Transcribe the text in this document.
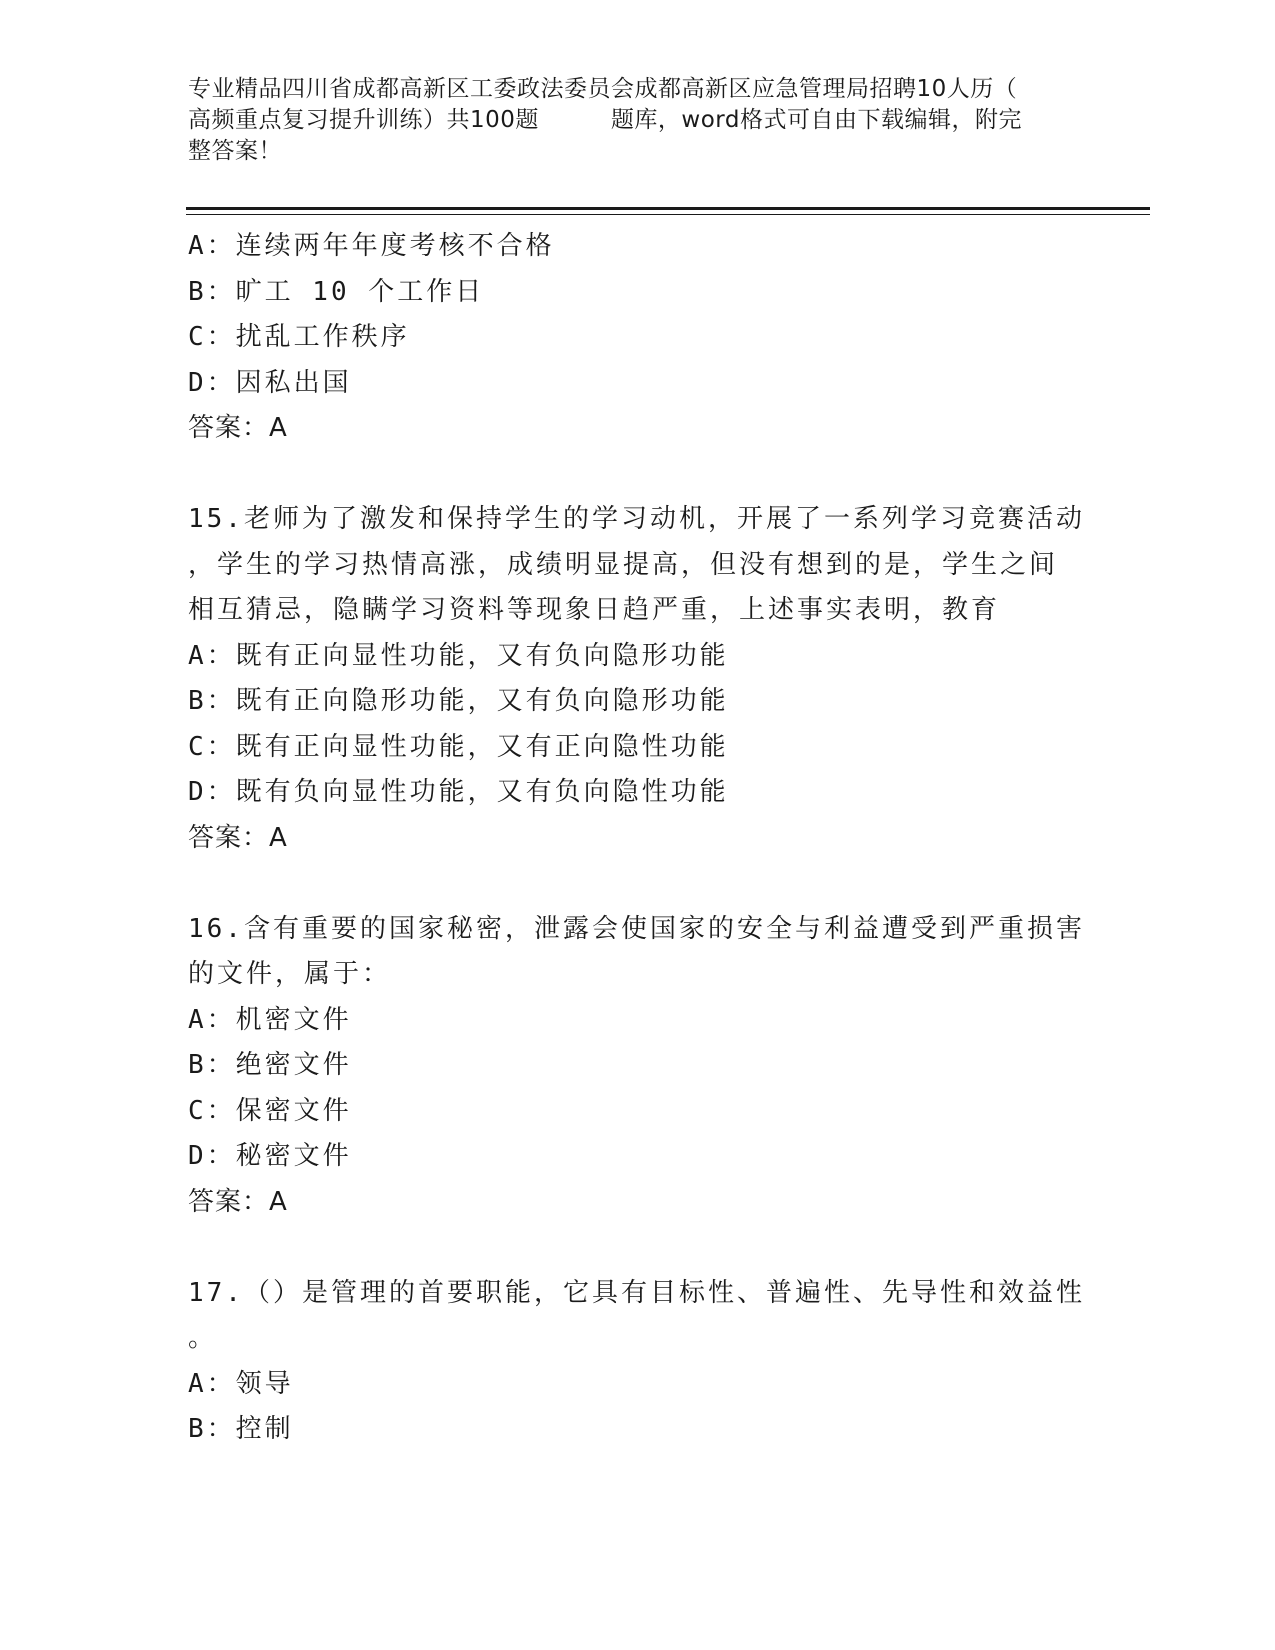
专业精品四川省成都高新区工委政法委员会成都高新区应急管理局招聘10人历（
高频重点复习提升训练）共100题	题库，word格式可自由下载编辑，附完
整答案！
A：连续两年年度考核不合格
B：旷工 10 个工作日
C：扰乱工作秩序
D：因私出国
答案：A
15.老师为了激发和保持学生的学习动机，开展了一系列学习竞赛活动
，学生的学习热情高涨，成绩明显提高，但没有想到的是，学生之间
相互猜忌，隐瞒学习资料等现象日趋严重，上述事实表明，教育
A：既有正向显性功能，又有负向隐形功能
B：既有正向隐形功能，又有负向隐形功能
C：既有正向显性功能，又有正向隐性功能
D：既有负向显性功能，又有负向隐性功能
答案：A
16.含有重要的国家秘密，泄露会使国家的安全与利益遭受到严重损害
的文件，属于：
A：机密文件
B：绝密文件
C：保密文件
D：秘密文件
答案：A
17.（）是管理的首要职能，它具有目标性、普遍性、先导性和效益性
。
A：领导
B：控制
